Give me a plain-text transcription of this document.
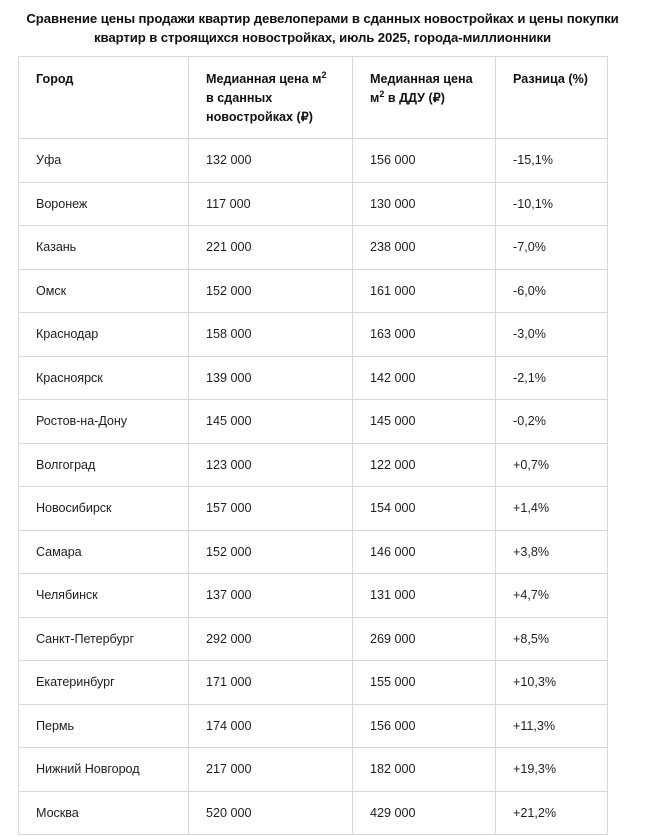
Сравнение цены продажи квартир девелоперами в сданных новостройках и цены покупки квартир в строящихся новостройках, июль 2025, города-миллионники
Город	Медианная цена $м^2$ в сданных новостройках (₽)	Медианная цена $м^2$ в ДДУ (₽)	Разница (%)
Уфа	132 000	156 000	-15,1%
Воронеж	117 000	130 000	-10,1%
Казань	221 000	238 000	-7,0%
Омск	152 000	161 000	-6,0%
Краснодар	158 000	163 000	-3,0%
Красноярск	139 000	142 000	-2,1%
Ростов-на-Дону	145 000	145 000	-0,2%
Волгоград	123 000	122 000	+0,7%
Новосибирск	157 000	154 000	+1,4%
Самара	152 000	146 000	+3,8%
Челябинск	137 000	131 000	+4,7%
Санкт-Петербург	292 000	269 000	+8,5%
Екатеринбург	171 000	155 000	+10,3%
Пермь	174 000	156 000	+11,3%
Нижний Новгород	217 000	182 000	+19,3%
Москва	520 000	429 000	+21,2%
